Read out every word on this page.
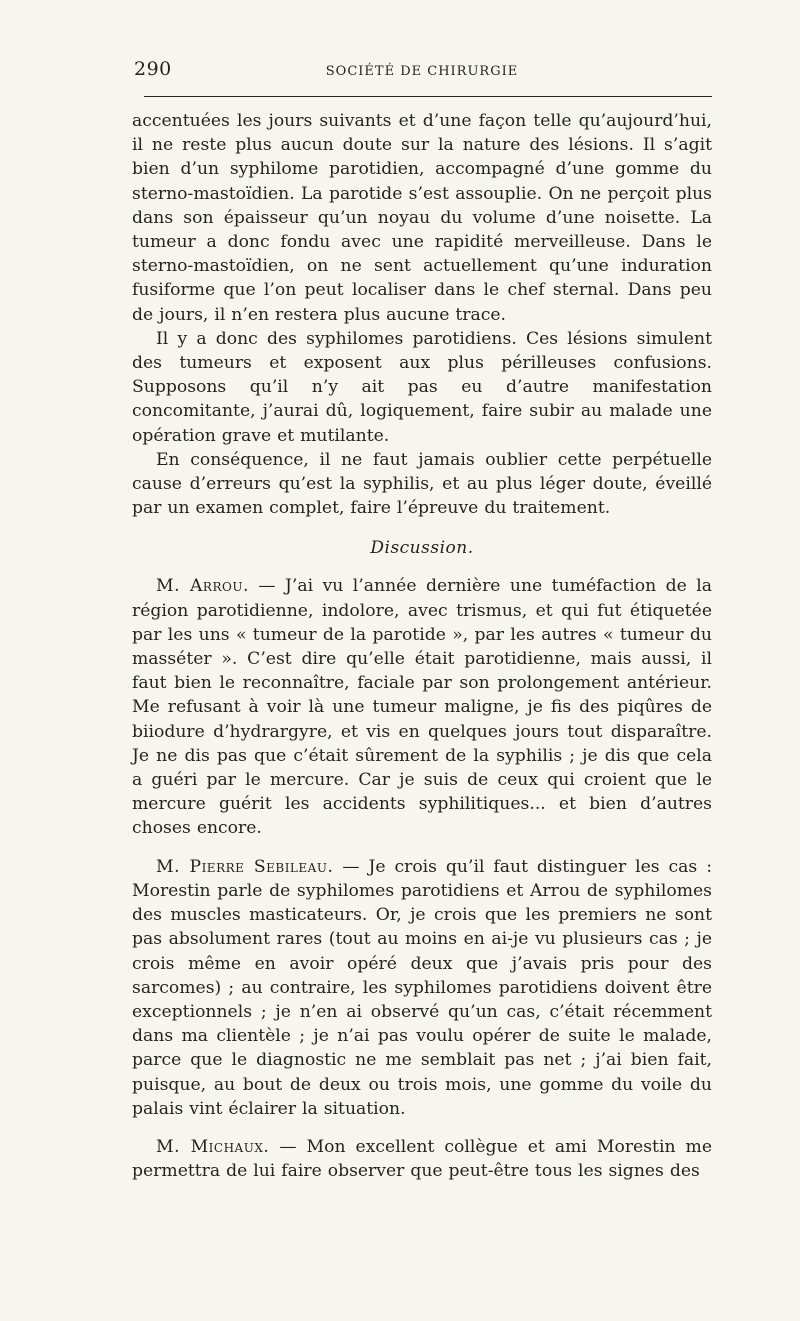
290	SOCIÉTÉ DE CHIRURGIE

accentuées les jours suivants et d’une façon telle qu’aujourd’hui, il ne reste plus aucun doute sur la nature des lésions. Il s’agit bien d’un syphilome parotidien, accompagné d’une gomme du sterno-mastoïdien. La parotide s’est assouplie. On ne perçoit plus dans son épaisseur qu’un noyau du volume d’une noisette. La tumeur a donc fondu avec une rapidité merveilleuse. Dans le sterno-mastoïdien, on ne sent actuellement qu’une induration fusiforme que l’on peut localiser dans le chef sternal. Dans peu de jours, il n’en restera plus aucune trace.

Il y a donc des syphilomes parotidiens. Ces lésions simulent des tumeurs et exposent aux plus périlleuses confusions. Supposons qu’il n’y ait pas eu d’autre manifestation concomitante, j’aurai dû, logiquement, faire subir au malade une opération grave et mutilante.

En conséquence, il ne faut jamais oublier cette perpétuelle cause d’erreurs qu’est la syphilis, et au plus léger doute, éveillé par un examen complet, faire l’épreuve du traitement.

Discussion.

M. Arrou. — J’ai vu l’année dernière une tuméfaction de la région parotidienne, indolore, avec trismus, et qui fut étiquetée par les uns « tumeur de la parotide », par les autres « tumeur du masséter ». C’est dire qu’elle était parotidienne, mais aussi, il faut bien le reconnaître, faciale par son prolongement antérieur. Me refusant à voir là une tumeur maligne, je fis des piqûres de biiodure d’hydrargyre, et vis en quelques jours tout disparaître. Je ne dis pas que c’était sûrement de la syphilis ; je dis que cela a guéri par le mercure. Car je suis de ceux qui croient que le mercure guérit les accidents syphilitiques... et bien d’autres choses encore.

M. Pierre Sebileau. — Je crois qu’il faut distinguer les cas : Morestin parle de syphilomes parotidiens et Arrou de syphilomes des muscles masticateurs. Or, je crois que les premiers ne sont pas absolument rares (tout au moins en ai-je vu plusieurs cas ; je crois même en avoir opéré deux que j’avais pris pour des sarcomes) ; au contraire, les syphilomes parotidiens doivent être exceptionnels ; je n’en ai observé qu’un cas, c’était récemment dans ma clientèle ; je n’ai pas voulu opérer de suite le malade, parce que le diagnostic ne me semblait pas net ; j’ai bien fait, puisque, au bout de deux ou trois mois, une gomme du voile du palais vint éclairer la situation.

M. Michaux. — Mon excellent collègue et ami Morestin me permettra de lui faire observer que peut-être tous les signes des
